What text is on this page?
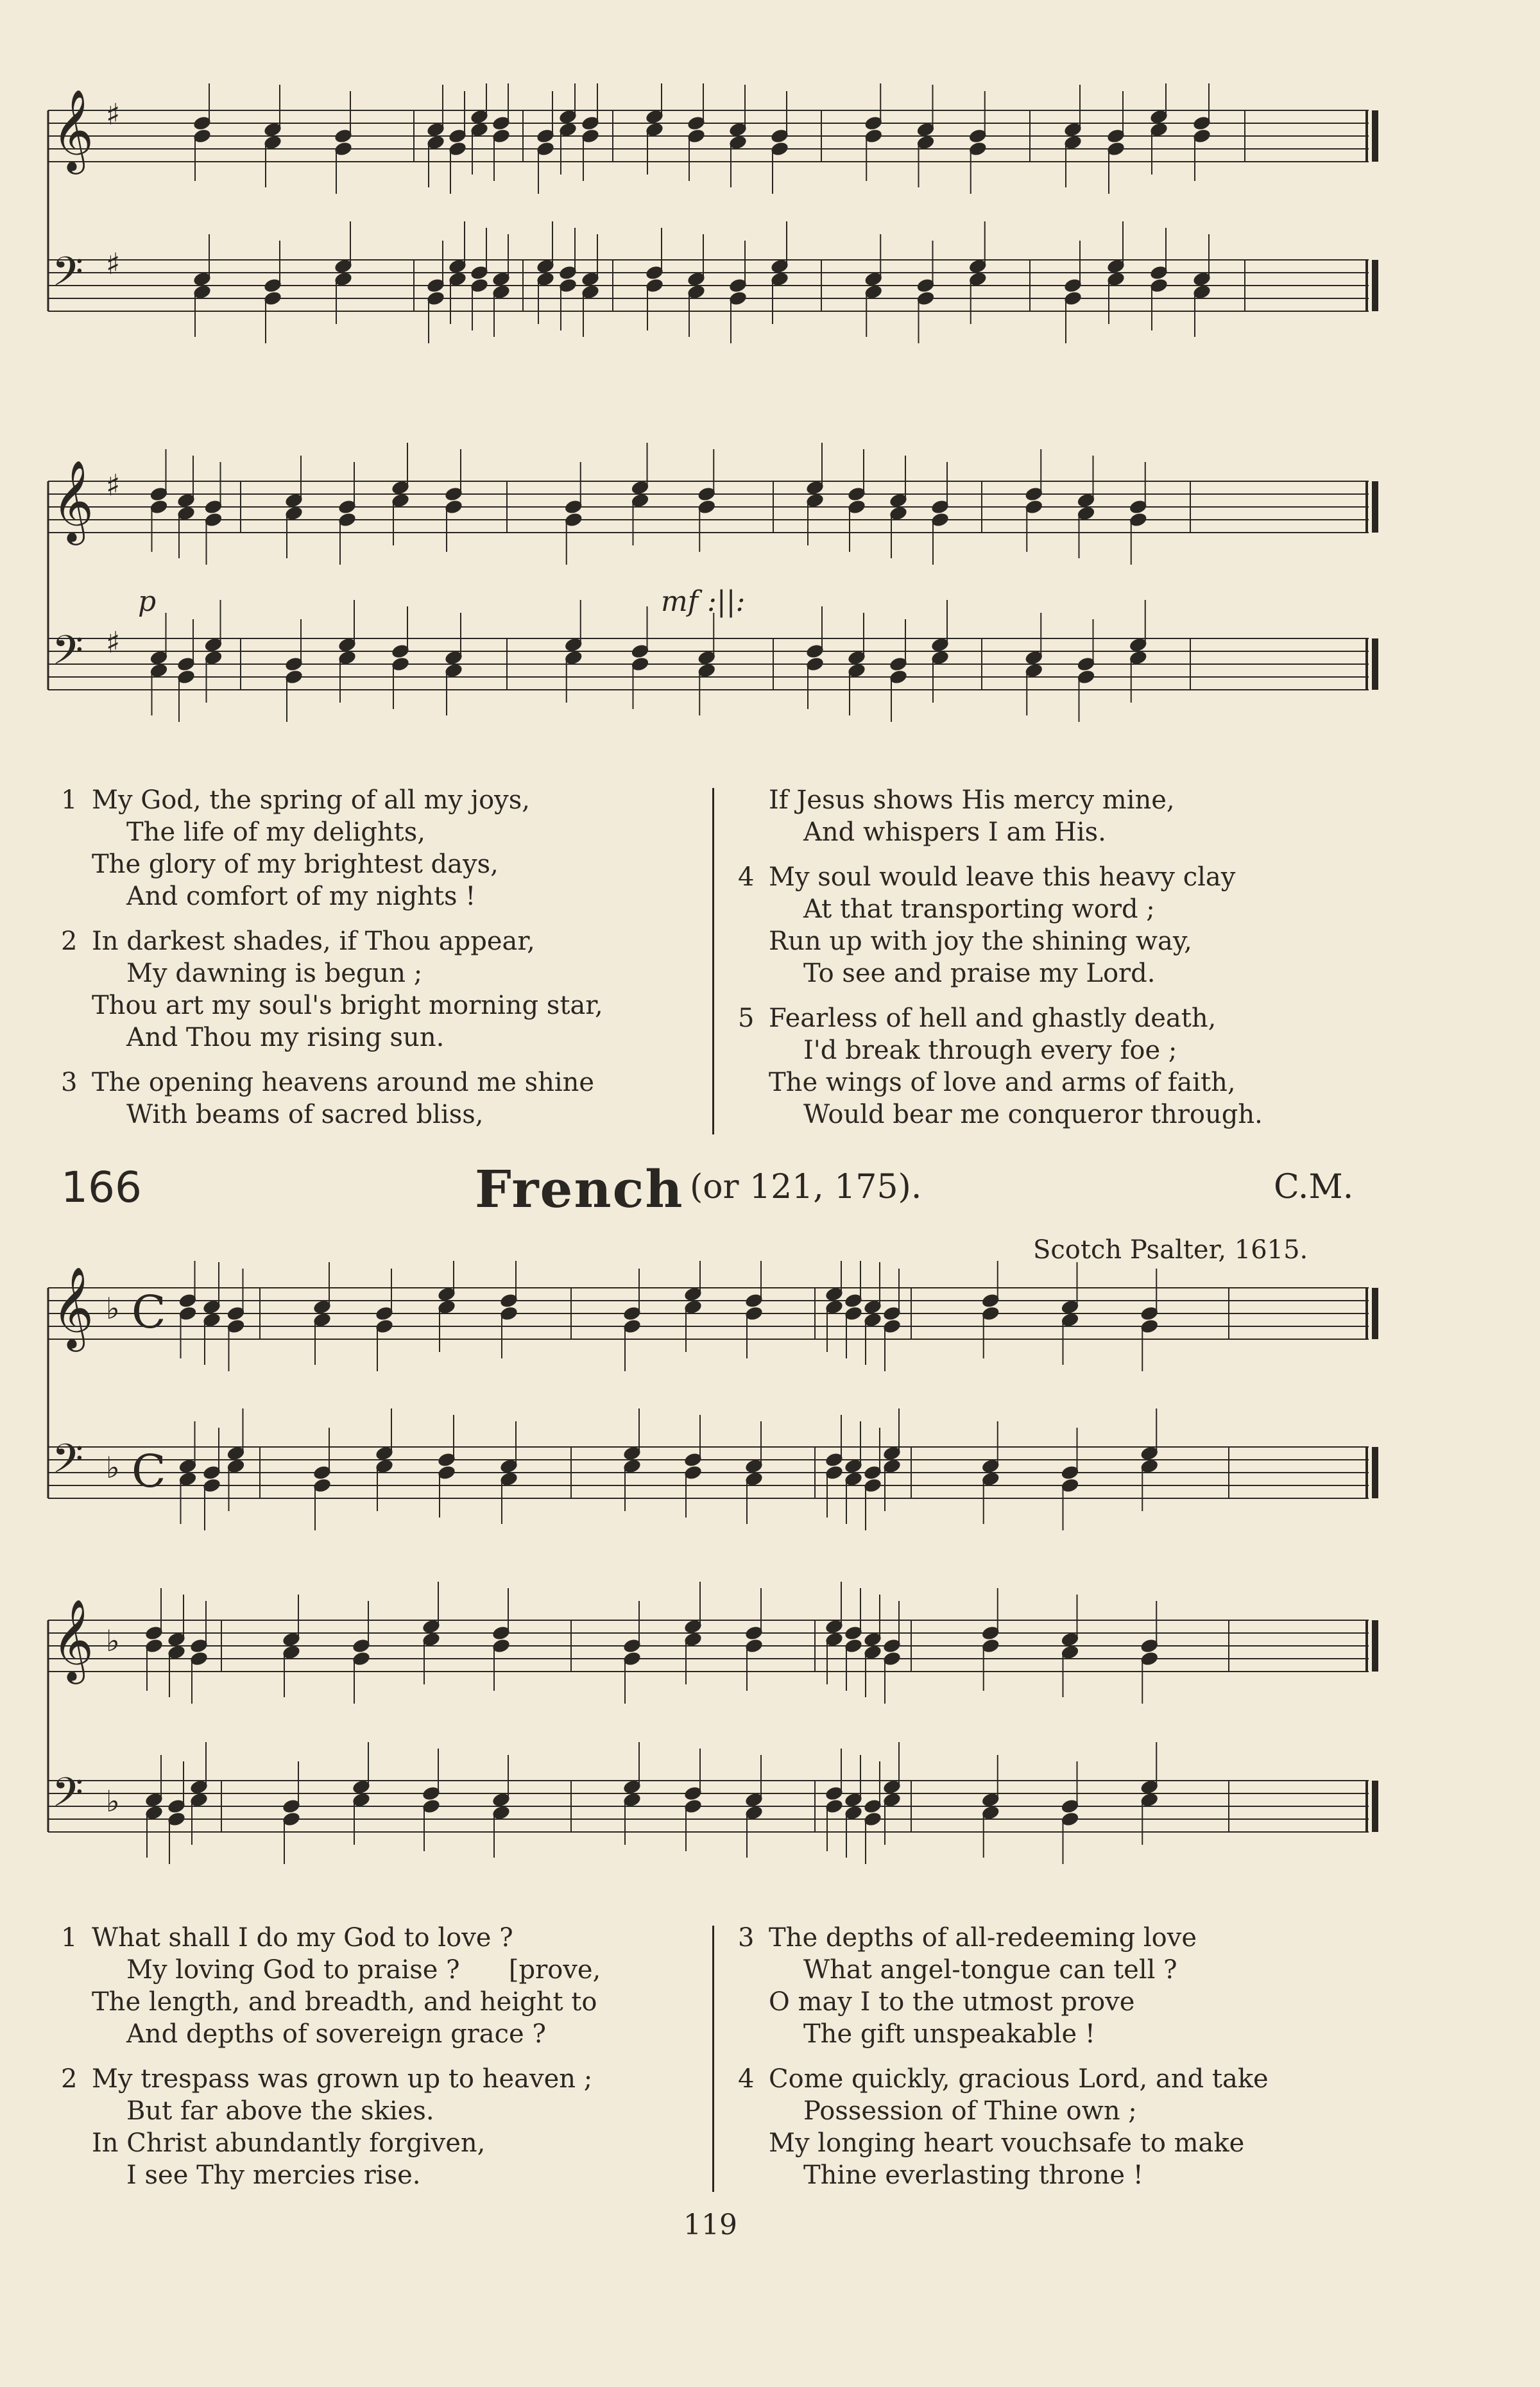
𝄞 ♯
𝄢 ♯
𝄞 ♯
𝄢 ♯
p	mf :||:
1 My God, the spring of all my joys,
The life of my delights,
The glory of my brightest days,
And comfort of my nights !
2 In darkest shades, if Thou appear,
My dawning is begun ;
Thou art my soul's bright morning star,
And Thou my rising sun.
3 The opening heavens around me shine
With beams of sacred bliss,
If Jesus shows His mercy mine,
And whispers I am His.
4 My soul would leave this heavy clay
At that transporting word ;
Run up with joy the shining way,
To see and praise my Lord.
5 Fearless of hell and ghastly death,
I'd break through every foe ;
The wings of love and arms of faith,
Would bear me conqueror through.
166	French (or 121, 175).	C.M.
Scotch Psalter, 1615.
𝄞 ♭ C
𝄢 ♭ C
𝄞 ♭
𝄢 ♭
1 What shall I do my God to love ?
My loving God to praise ?      [prove,
The length, and breadth, and height to
And depths of sovereign grace ?
2 My trespass was grown up to heaven ;
But far above the skies.
In Christ abundantly forgiven,
I see Thy mercies rise.
3 The depths of all-redeeming love
What angel-tongue can tell ?
O may I to the utmost prove
The gift unspeakable !
4 Come quickly, gracious Lord, and take
Possession of Thine own ;
My longing heart vouchsafe to make
Thine everlasting throne !
119
